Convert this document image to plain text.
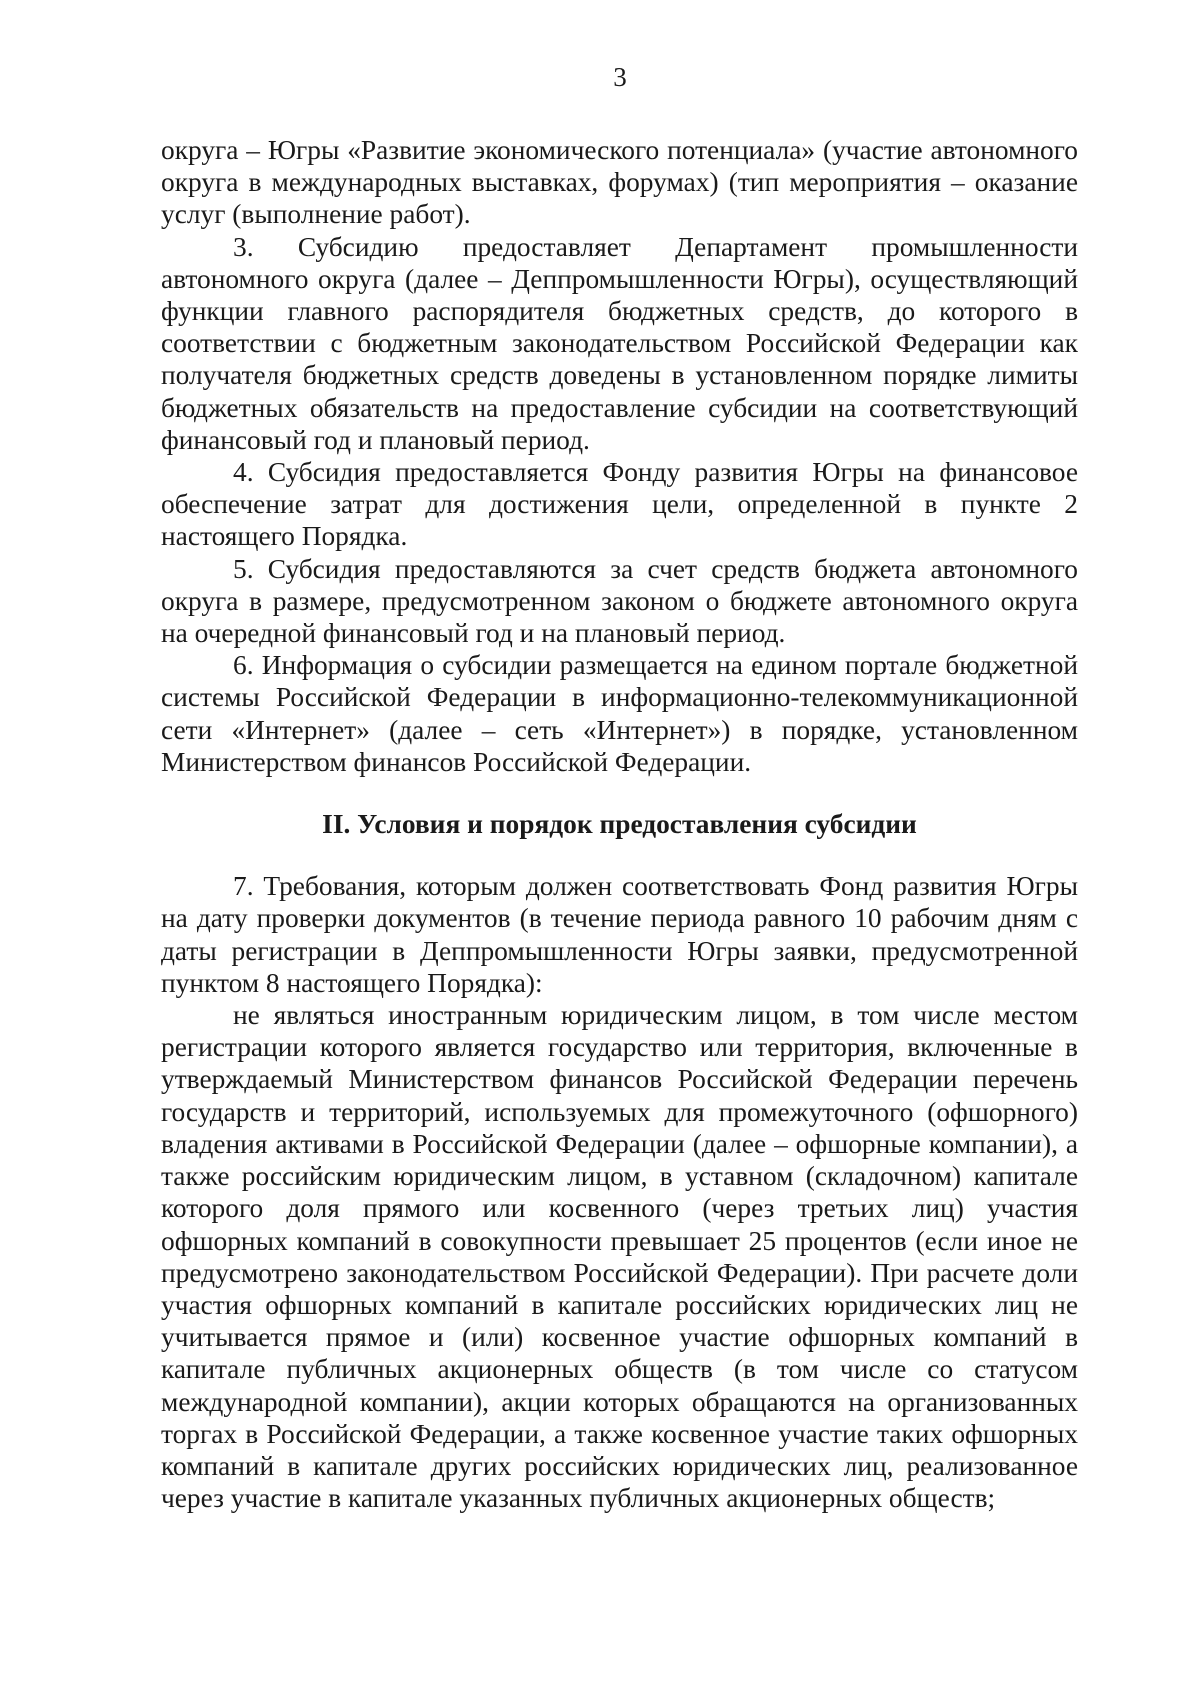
3

округа – Югры «Развитие экономического потенциала» (участие автономного округа в международных выставках, форумах) (тип мероприятия – оказание услуг (выполнение работ).

3. Субсидию предоставляет Департамент промышленности автономного округа (далее – Деппромышленности Югры), осуществляющий функции главного распорядителя бюджетных средств, до которого в соответствии с бюджетным законодательством Российской Федерации как получателя бюджетных средств доведены в установленном порядке лимиты бюджетных обязательств на предоставление субсидии на соответствующий финансовый год и плановый период.

4. Субсидия предоставляется Фонду развития Югры на финансовое обеспечение затрат для достижения цели, определенной в пункте 2 настоящего Порядка.

5. Субсидия предоставляются за счет средств бюджета автономного округа в размере, предусмотренном законом о бюджете автономного округа на очередной финансовый год и на плановый период.

6. Информация о субсидии размещается на едином портале бюджетной системы Российской Федерации в информационно-телекоммуникационной сети «Интернет» (далее – сеть «Интернет») в порядке, установленном Министерством финансов Российской Федерации.

II. Условия и порядок предоставления субсидии

7. Требования, которым должен соответствовать Фонд развития Югры на дату проверки документов (в течение периода равного 10 рабочим дням с даты регистрации в Деппромышленности Югры заявки, предусмотренной пунктом 8 настоящего Порядка):

не являться иностранным юридическим лицом, в том числе местом регистрации которого является государство или территория, включенные в утверждаемый Министерством финансов Российской Федерации перечень государств и территорий, используемых для промежуточного (офшорного) владения активами в Российской Федерации (далее – офшорные компании), а также российским юридическим лицом, в уставном (складочном) капитале которого доля прямого или косвенного (через третьих лиц) участия офшорных компаний в совокупности превышает 25 процентов (если иное не предусмотрено законодательством Российской Федерации). При расчете доли участия офшорных компаний в капитале российских юридических лиц не учитывается прямое и (или) косвенное участие офшорных компаний в капитале публичных акционерных обществ (в том числе со статусом международной компании), акции которых обращаются на организованных торгах в Российской Федерации, а также косвенное участие таких офшорных компаний в капитале других российских юридических лиц, реализованное через участие в капитале указанных публичных акционерных обществ;
